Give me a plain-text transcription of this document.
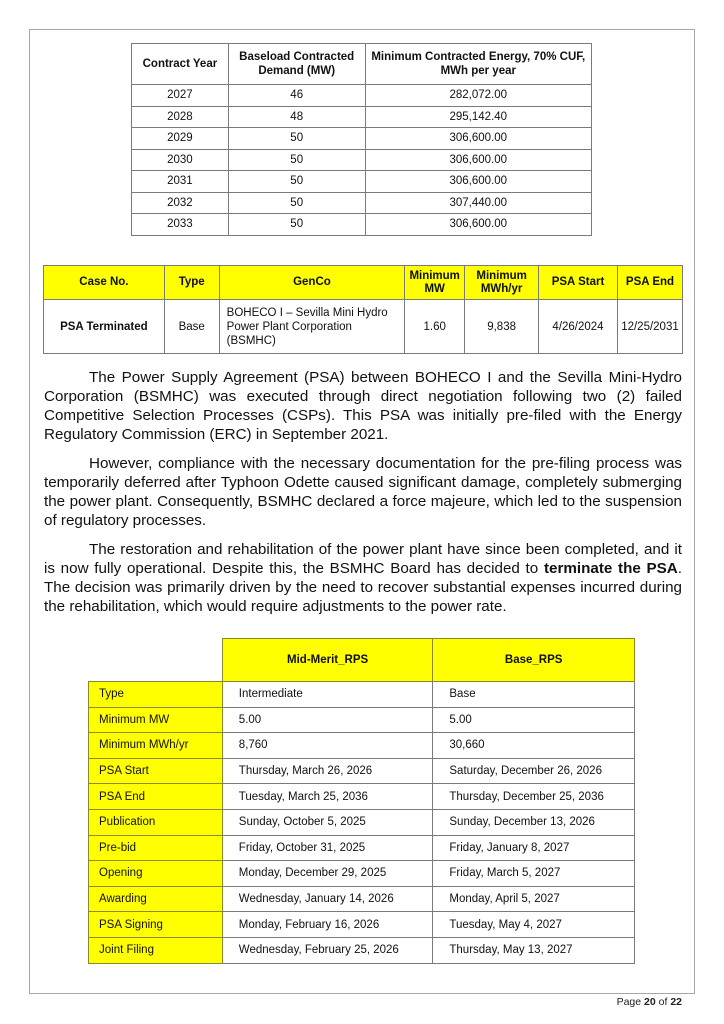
Contract Year	Baseload Contracted Demand (MW)	Minimum Contracted Energy, 70% CUF, MWh per year
2027	46	282,072.00
2028	48	295,142.40
2029	50	306,600.00
2030	50	306,600.00
2031	50	306,600.00
2032	50	307,440.00
2033	50	306,600.00
Case No.	Type	GenCo	Minimum MW	Minimum MWh/yr	PSA Start	PSA End
PSA Terminated	Base	BOHECO I – Sevilla Mini Hydro Power Plant Corporation (BSMHC)	1.60	9,838	4/26/2024	12/25/2031

The Power Supply Agreement (PSA) between BOHECO I and the Sevilla Mini-Hydro Corporation (BSMHC) was executed through direct negotiation following two (2) failed Competitive Selection Processes (CSPs). This PSA was initially pre-filed with the Energy Regulatory Commission (ERC) in September 2021.

However, compliance with the necessary documentation for the pre-filing process was temporarily deferred after Typhoon Odette caused significant damage, completely submerging the power plant. Consequently, BSMHC declared a force majeure, which led to the suspension of regulatory processes.

The restoration and rehabilitation of the power plant have since been completed, and it is now fully operational. Despite this, the BSMHC Board has decided to terminate the PSA. The decision was primarily driven by the need to recover substantial expenses incurred during the rehabilitation, which would require adjustments to the power rate.

	Mid-Merit_RPS	Base_RPS
Type	Intermediate	Base
Minimum MW	5.00	5.00
Minimum MWh/yr	8,760	30,660
PSA Start	Thursday, March 26, 2026	Saturday, December 26, 2026
PSA End	Tuesday, March 25, 2036	Thursday, December 25, 2036
Publication	Sunday, October 5, 2025	Sunday, December 13, 2026
Pre-bid	Friday, October 31, 2025	Friday, January 8, 2027
Opening	Monday, December 29, 2025	Friday, March 5, 2027
Awarding	Wednesday, January 14, 2026	Monday, April 5, 2027
PSA Signing	Monday, February 16, 2026	Tuesday, May 4, 2027
Joint Filing	Wednesday, February 25, 2026	Thursday, May 13, 2027
Page 20 of 22
